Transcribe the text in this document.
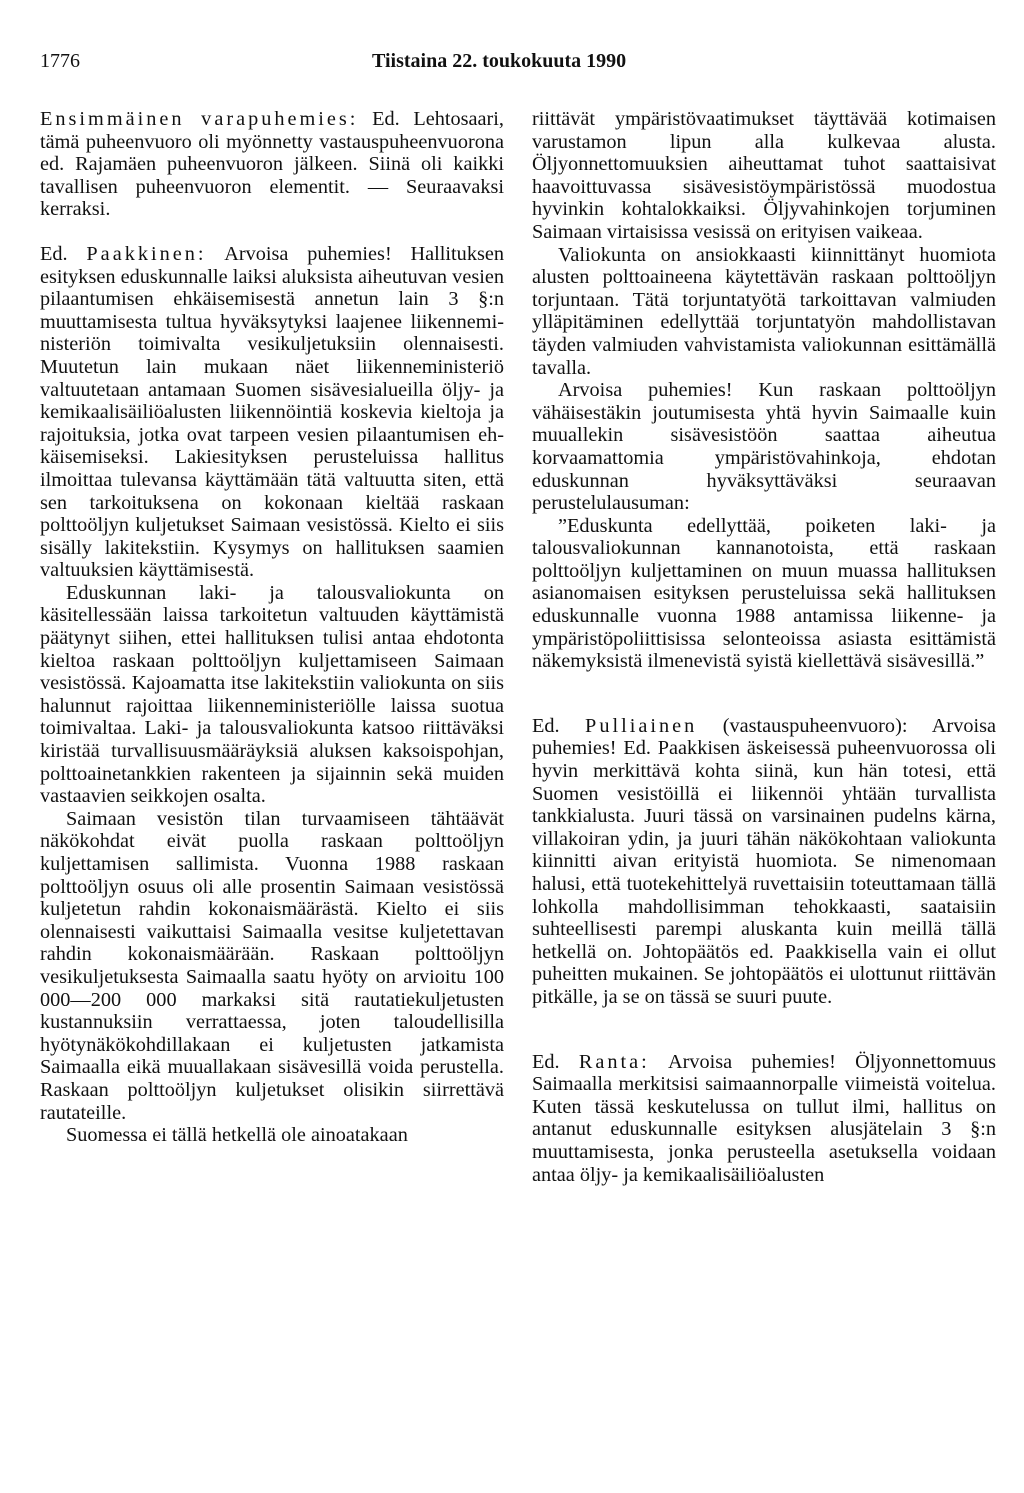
1776	Tiistaina 22. toukokuuta 1990

Ensimmäinen varapuhemies: Ed. Lehtosaari, tämä puheenvuoro oli myönnetty vastauspuheenvuorona ed. Rajamäen puheenvuoron jälkeen. Siinä oli kaikki tavallisen puheenvuoron elementit. — Seuraavaksi kerraksi.

Ed. Paakkinen: Arvoisa puhemies! Hallituksen esityksen eduskunnalle laiksi aluksista aiheutuvan vesien pilaantumisen ehkäisemisestä annetun lain 3 §:n muuttamisesta tultua hyväksytyksi laajenee liikenneministeriön toimivalta vesikuljetuksiin olennaisesti. Muutetun lain mukaan näet liikenneministeriö valtuutetaan antamaan Suomen sisävesialueilla öljy- ja kemikaalisäiliöalusten liikennöintiä koskevia kieltoja ja rajoituksia, jotka ovat tarpeen vesien pilaantumisen ehkäisemiseksi. Lakiesityksen perusteluissa hallitus ilmoittaa tulevansa käyttämään tätä valtuutta siten, että sen tarkoituksena on kokonaan kieltää raskaan polttoöljyn kuljetukset Saimaan vesistössä. Kielto ei siis sisälly lakitekstiin. Kysymys on hallituksen saamien valtuuksien käyttämisestä.

Eduskunnan laki- ja talousvaliokunta on käsitellessään laissa tarkoitetun valtuuden käyttämistä päätynyt siihen, ettei hallituksen tulisi antaa ehdotonta kieltoa raskaan polttoöljyn kuljettamiseen Saimaan vesistössä. Kajoamatta itse lakitekstiin valiokunta on siis halunnut rajoittaa liikenneministeriölle laissa suotua toimivaltaa. Laki- ja talousvaliokunta katsoo riittäväksi kiristää turvallisuusmääräyksiä aluksen kaksoispohjan, polttoainetankkien rakenteen ja sijainnin sekä muiden vastaavien seikkojen osalta.

Saimaan vesistön tilan turvaamiseen tähtäävät näkökohdat eivät puolla raskaan polttoöljyn kuljettamisen sallimista. Vuonna 1988 raskaan polttoöljyn osuus oli alle prosentin Saimaan vesistössä kuljetetun rahdin kokonaismäärästä. Kielto ei siis olennaisesti vaikuttaisi Saimaalla vesitse kuljetettavan rahdin kokonaismäärään. Raskaan polttoöljyn vesikuljetuksesta Saimaalla saatu hyöty on arvioitu 100 000—200 000 markaksi sitä rautatiekuljetusten kustannuksiin verrattaessa, joten taloudellisilla hyötynäkökohdillakaan ei kuljetusten jatkamista Saimaalla eikä muuallakaan sisävesillä voida perustella. Raskaan polttoöljyn kuljetukset olisikin siirrettävä rautateille.

Suomessa ei tällä hetkellä ole ainoatakaan

riittävät ympäristövaatimukset täyttävää kotimaisen varustamon lipun alla kulkevaa alusta. Öljyonnettomuuksien aiheuttamat tuhot saattaisivat haavoittuvassa sisävesistöympäristössä muodostua hyvinkin kohtalokkaiksi. Öljyvahinkojen torjuminen Saimaan virtaisissa vesissä on erityisen vaikeaa.

Valiokunta on ansiokkaasti kiinnittänyt huomiota alusten polttoaineena käytettävän raskaan polttoöljyn torjuntaan. Tätä torjuntatyötä tarkoittavan valmiuden ylläpitäminen edellyttää torjuntatyön mahdollistavan täyden valmiuden vahvistamista valiokunnan esittämällä tavalla.

Arvoisa puhemies! Kun raskaan polttoöljyn vähäisestäkin joutumisesta yhtä hyvin Saimaalle kuin muuallekin sisävesistöön saattaa aiheutua korvaamattomia ympäristövahinkoja, ehdotan eduskunnan hyväksyttäväksi seuraavan perustelulausuman:

”Eduskunta edellyttää, poiketen laki- ja talousvaliokunnan kannanotoista, että raskaan polttoöljyn kuljettaminen on muun muassa hallituksen asianomaisen esityksen perusteluissa sekä hallituksen eduskunnalle vuonna 1988 antamissa liikenne- ja ympäristöpoliittisissa selonteoissa asiasta esittämistä näkemyksistä ilmenevistä syistä kiellettävä sisävesillä.”

Ed. Pulliainen (vastauspuheenvuoro): Arvoisa puhemies! Ed. Paakkisen äskeisessä puheenvuorossa oli hyvin merkittävä kohta siinä, kun hän totesi, että Suomen vesistöillä ei liikennöi yhtään turvallista tankkialusta. Juuri tässä on varsinainen pudelns kärna, villakoiran ydin, ja juuri tähän näkökohtaan valiokunta kiinnitti aivan erityistä huomiota. Se nimenomaan halusi, että tuotekehittelyä ruvettaisiin toteuttamaan tällä lohkolla mahdollisimman tehokkaasti, saataisiin suhteellisesti parempi aluskanta kuin meillä tällä hetkellä on. Johtopäätös ed. Paakkisella vain ei ollut puheitten mukainen. Se johtopäätös ei ulottunut riittävän pitkälle, ja se on tässä se suuri puute.

Ed. Ranta: Arvoisa puhemies! Öljyonnettomuus Saimaalla merkitsisi saimaannorpalle viimeistä voitelua. Kuten tässä keskutelussa on tullut ilmi, hallitus on antanut eduskunnalle esityksen alusjätelain 3 §:n muuttamisesta, jonka perusteella asetuksella voidaan antaa öljy- ja kemikaalisäiliöalusten
